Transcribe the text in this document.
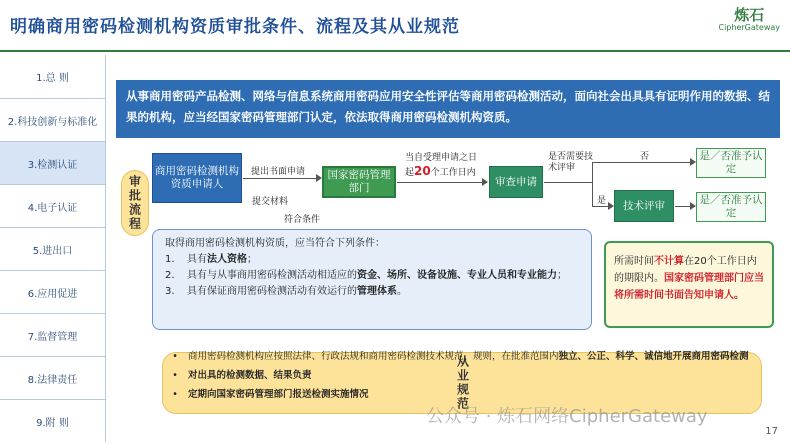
明确商用密码检测机构资质审批条件、流程及其从业规范
炼石
CipherGateway
1.总 则
2.科技创新与标准化
3.检测认证
4.电子认证
5.进出口
6.应用促进
7.监督管理
8.法律责任
9.附 则
从事商用密码产品检测、网络与信息系统商用密码应用安全性评估等商用密码检测活动，面向社会出具具有证明作用的数据、结果的机构，应当经国家密码管理部门认定，依法取得商用密码检测机构资质。
审批流程
商用密码检测机构资质申请人
提出书面申请
提交材料
符合条件
国家密码管理部门
当自受理申请之日
起20个工作日内
审查申请
是否需要技术评审
否
是	技术评审
是／否准予认定
是／否准予认定
取得商用密码检测机构资质，应当符合下列条件：
1.	具有法人资格；
2.	具有与从事商用密码检测活动相适应的资金、场所、设备设施、专业人员和专业能力；
3.	具有保证商用密码检测活动有效运行的管理体系。
所需时间不计算在20个工作日内的期限内。国家密码管理部门应当将所需时间书面告知申请人。
从业规范
•	商用密码检测机构应按照法律、行政法规和商用密码检测技术规范、规则，在批准范围内独立、公正、科学、诚信地开展商用密码检测
•	对出具的检测数据、结果负责
•	定期向国家密码管理部门报送检测实施情况
公众号 · 炼石网络CipherGateway
17
